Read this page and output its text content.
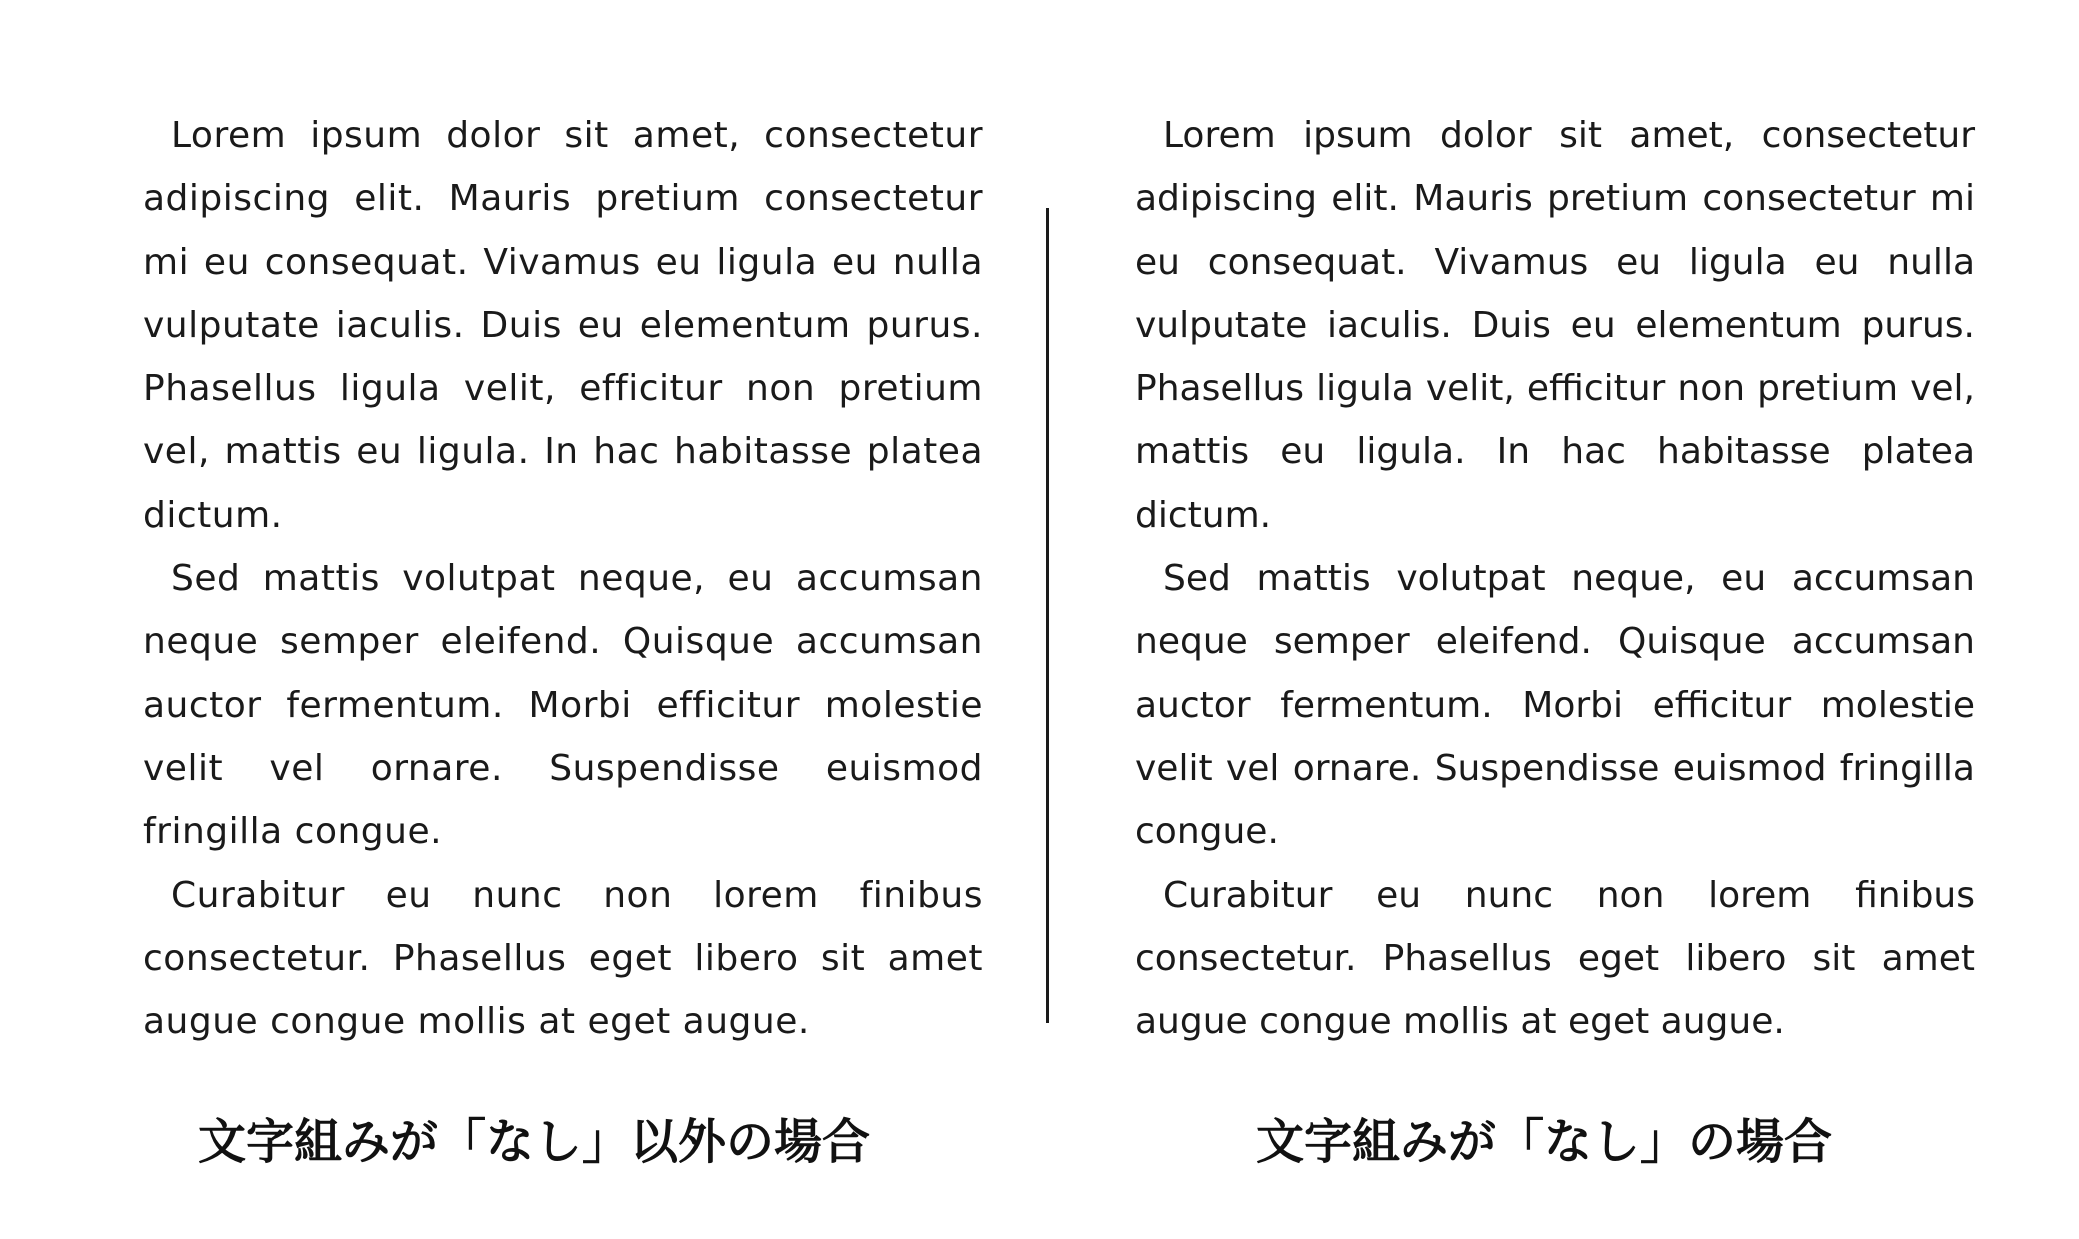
Lorem ipsum dolor sit amet, consectetur adipiscing elit. Mauris pretium consectetur mi eu consequat. Vivamus eu ligula eu nulla vulputate iaculis. Duis eu elementum purus. Phasellus ligula velit, efficitur non pretium vel, mattis eu ligula. In hac habitasse platea dictum.

Sed mattis volutpat neque, eu accumsan neque semper eleifend. Quisque accumsan auctor fermentum. Morbi efficitur molestie velit vel ornare. Suspendisse euismod fringilla congue.

Curabitur eu nunc non lorem finibus consectetur. Phasellus eget libero sit amet augue congue mollis at eget augue.

Lorem ipsum dolor sit amet, consectetur adipiscing elit. Mauris pretium consectetur mi eu consequat. Vivamus eu ligula eu nulla vulputate iaculis. Duis eu elementum purus. Phasellus ligula velit, efficitur non pretium vel, mattis eu ligula. In hac habitasse platea dictum.

Sed mattis volutpat neque, eu accumsan neque semper eleifend. Quisque accumsan auctor fermentum. Morbi efficitur molestie velit vel ornare. Suspendisse euismod fringilla congue.

Curabitur eu nunc non lorem finibus consectetur. Phasellus eget libero sit amet augue congue mollis at eget augue.

文字組みが「なし」以外の場合	文字組みが「なし」の場合
